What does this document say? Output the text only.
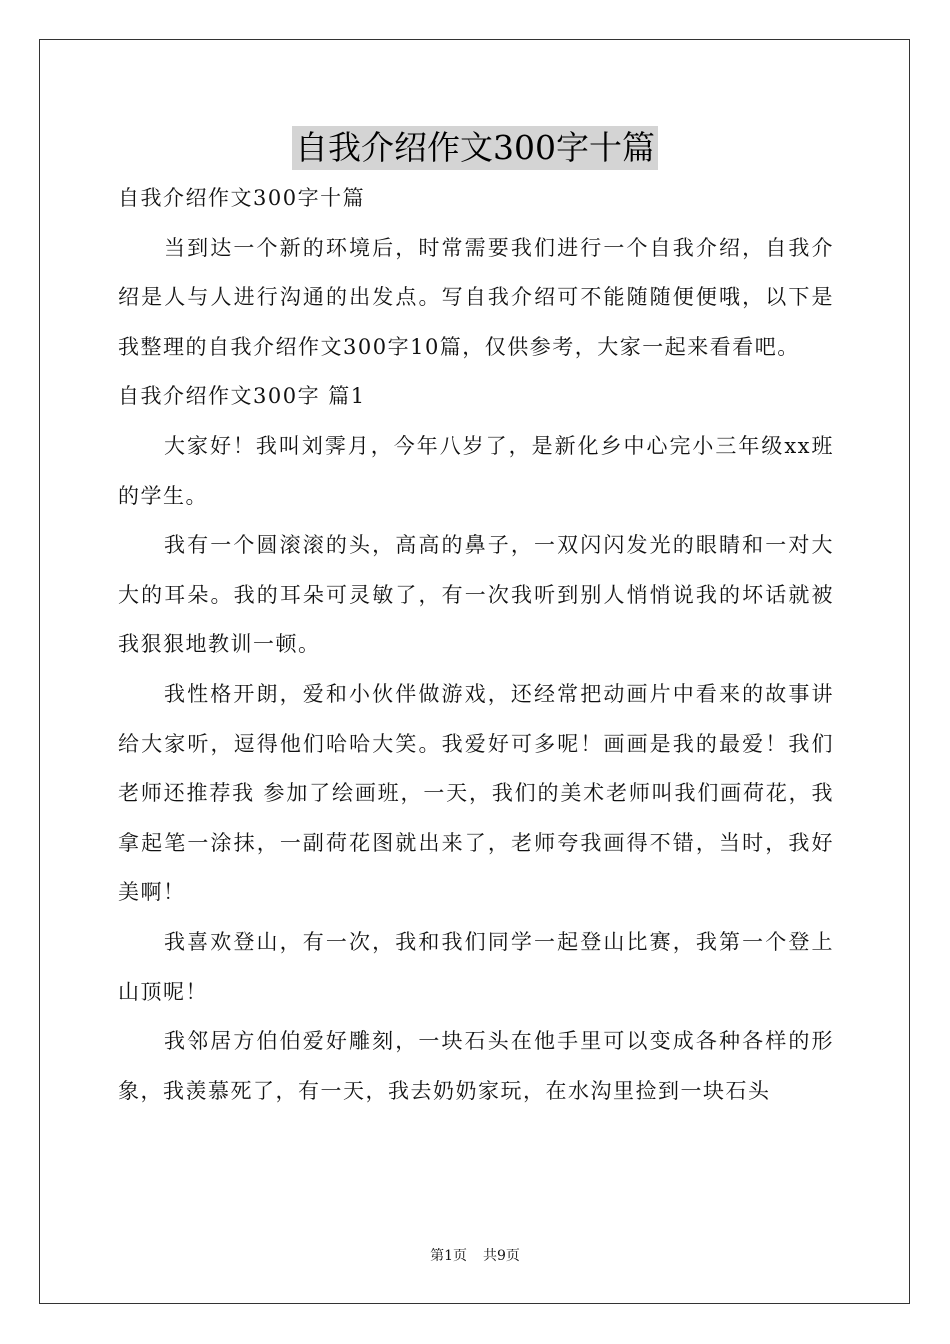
自我介绍作文300字十篇

自我介绍作文300字十篇

当到达一个新的环境后，时常需要我们进行一个自我介绍，自我介绍是人与人进行沟通的出发点。写自我介绍可不能随随便便哦，以下是我整理的自我介绍作文300字10篇，仅供参考，大家一起来看看吧。

自我介绍作文300字 篇1

大家好！我叫刘霁月，今年八岁了，是新化乡中心完小三年级xx班的学生。

我有一个圆滚滚的头，高高的鼻子，一双闪闪发光的眼睛和一对大大的耳朵。我的耳朵可灵敏了，有一次我听到别人悄悄说我的坏话就被我狠狠地教训一顿。

我性格开朗，爱和小伙伴做游戏，还经常把动画片中看来的故事讲给大家听，逗得他们哈哈大笑。我爱好可多呢！画画是我的最爱！我们老师还推荐我 参加了绘画班，一天，我们的美术老师叫我们画荷花，我拿起笔一涂抹，一副荷花图就出来了，老师夸我画得不错，当时，我好美啊！

我喜欢登山，有一次，我和我们同学一起登山比赛，我第一个登上山顶呢！

我邻居方伯伯爱好雕刻，一块石头在他手里可以变成各种各样的形象，我羡慕死了，有一天，我去奶奶家玩，在水沟里捡到一块石头

第1页 共9页
